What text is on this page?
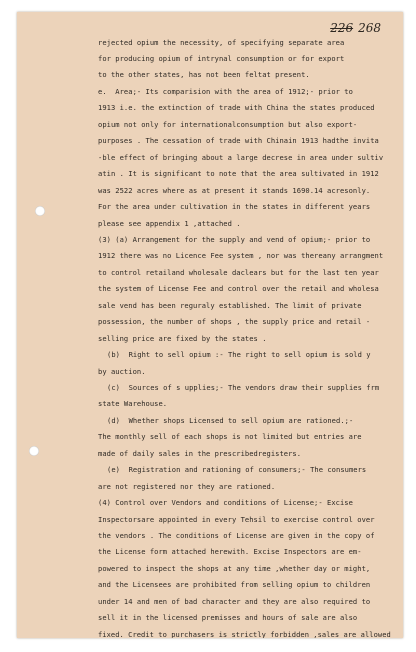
226 268
rejected opium the necessity, of specifying separate area
for producing opium of intrynal consumption or for export
to the other states, has not been feltat present.
e.  Area;- Its comparision with the area of 1912;- prior to
1913 i.e. the extinction of trade with China the states produced
opium not only for internationalconsumption but also export-
purposes . The cessation of trade with Chinain 1913 hadthe invita
-ble effect of bringing about a large decrese in area under sultiv
atin . It is significant to note that the area sultivated in 1912
was 2522 acres where as at present it stands 1690.14 acresonly.
For the area under cultivation in the states in different years
please see appendix 1 ,attached .
(3) (a) Arrangement for the supply and vend of opium;- prior to
1912 there was no Licence Fee system , nor was thereany arrangment
to control retailand wholesale daclears but for the last ten year
the system of License Fee and control over the retail and wholesa
sale vend has been reguraly established. The limit of private
possession, the number of shops , the supply price and retail -
selling price are fixed by the states .
(b)  Right to sell opium :- The right to sell opium is sold y
by auction.
(c)  Sources of s upplies;- The vendors draw their supplies frm
state Warehouse.
(d)  Whether shops Licensed to sell opium are rationed.;-
The monthly sell of each shops is not limited but entries are
made of daily sales in the prescribedregisters.
(e)  Registration and rationing of consumers;- The consumers
are not registered nor they are rationed.
(4) Control over Vendors and conditions of License;- Excise
Inspectorsare appointed in every Tehsil to exercise control over
the vendors . The conditions of License are given in the copy of
the License form attached herewith. Excise Inspectors are em-
powered to inspect the shops at any time ,whether day or might,
and the Licensees are prohibited from selling opium to children
under 14 and men of bad character and they are also required to
sell it in the licensed premisses and hours of sale are also
fixed. Credit to purchasers is strictly forbidden ,sales are allowed
